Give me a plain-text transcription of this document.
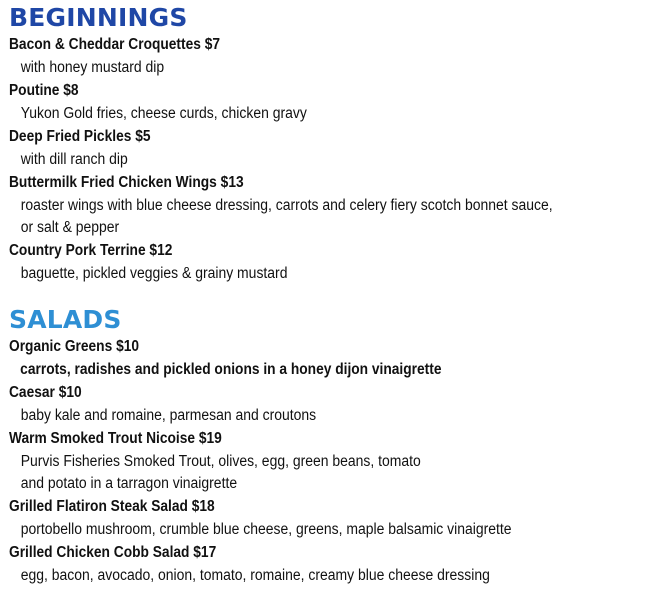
BEGINNINGS
Bacon & Cheddar Croquettes $7
with honey mustard dip
Poutine $8
Yukon Gold fries, cheese curds, chicken gravy
Deep Fried Pickles $5
with dill ranch dip
Buttermilk Fried Chicken Wings $13
roaster wings with blue cheese dressing, carrots and celery fiery scotch bonnet sauce,
or salt & pepper
Country Pork Terrine $12
baguette, pickled veggies & grainy mustard
SALADS
Organic Greens $10
carrots, radishes and pickled onions in a honey dijon vinaigrette
Caesar $10
baby kale and romaine, parmesan and croutons
Warm Smoked Trout Nicoise $19
Purvis Fisheries Smoked Trout, olives, egg, green beans, tomato
and potato in a tarragon vinaigrette
Grilled Flatiron Steak Salad $18
portobello mushroom, crumble blue cheese, greens, maple balsamic vinaigrette
Grilled Chicken Cobb Salad $17
egg, bacon, avocado, onion, tomato, romaine, creamy blue cheese dressing
